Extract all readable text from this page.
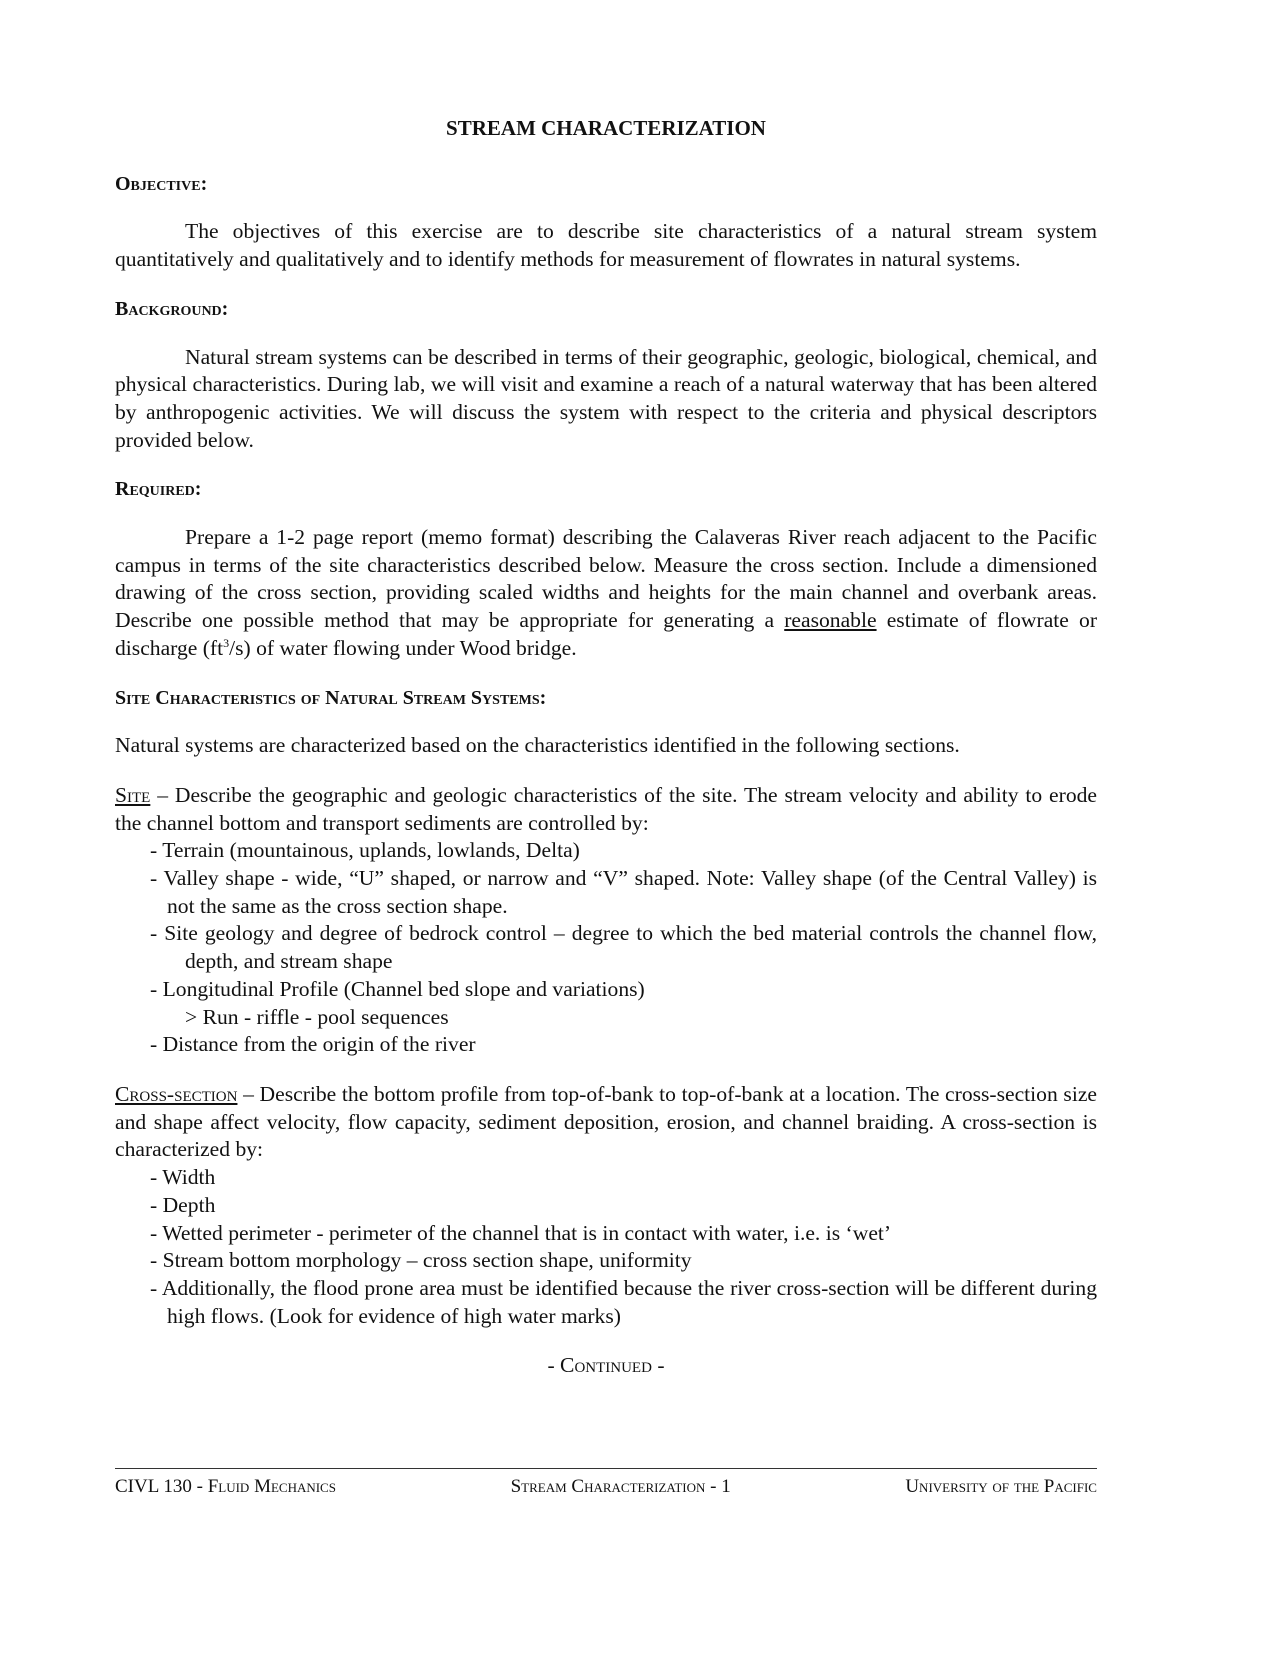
STREAM CHARACTERIZATION
Objective:

The objectives of this exercise are to describe site characteristics of a natural stream system quantitatively and qualitatively and to identify methods for measurement of flowrates in natural systems.

Background:

Natural stream systems can be described in terms of their geographic, geologic, biological, chemical, and physical characteristics. During lab, we will visit and examine a reach of a natural waterway that has been altered by anthropogenic activities. We will discuss the system with respect to the criteria and physical descriptors provided below.

Required:

Prepare a 1-2 page report (memo format) describing the Calaveras River reach adjacent to the Pacific campus in terms of the site characteristics described below. Measure the cross section. Include a dimensioned drawing of the cross section, providing scaled widths and heights for the main channel and overbank areas. Describe one possible method that may be appropriate for generating a reasonable estimate of flowrate or discharge $(ft^3/s)$ of water flowing under Wood bridge.

Site Characteristics of Natural Stream Systems:

Natural systems are characterized based on the characteristics identified in the following sections.

Site – Describe the geographic and geologic characteristics of the site. The stream velocity and ability to erode the channel bottom and transport sediments are controlled by:

- Terrain (mountainous, uplands, lowlands, Delta)
- Valley shape - wide, “U” shaped, or narrow and “V” shaped. Note: Valley shape (of the Central Valley) is not the same as the cross section shape.
- Site geology and degree of bedrock control – degree to which the bed material controls the channel flow, depth, and stream shape
- Longitudinal Profile (Channel bed slope and variations)
> Run - riffle - pool sequences
- Distance from the origin of the river

Cross-section – Describe the bottom profile from top-of-bank to top-of-bank at a location. The cross-section size and shape affect velocity, flow capacity, sediment deposition, erosion, and channel braiding. A cross-section is characterized by:

- Width
- Depth
- Wetted perimeter - perimeter of the channel that is in contact with water, i.e. is ‘wet’
- Stream bottom morphology – cross section shape, uniformity
- Additionally, the flood prone area must be identified because the river cross-section will be different during high flows. (Look for evidence of high water marks)
- Continued -
CIVL 130 - Fluid Mechanics	Stream Characterization - 1	University of the Pacific
